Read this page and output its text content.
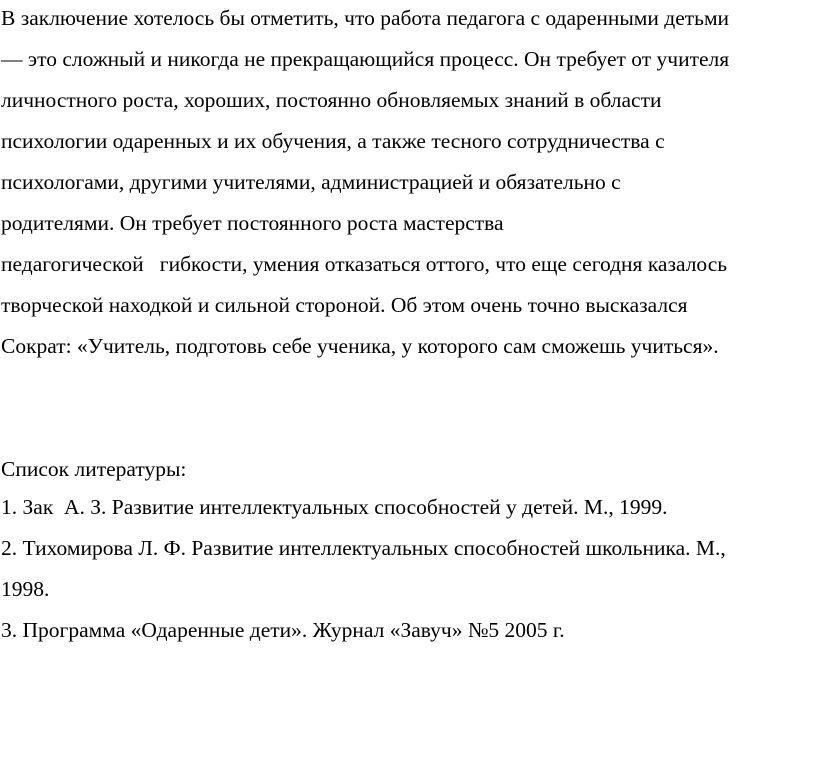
В заключение хотелось бы отметить, что работа педагога с одаренными детьми
— это сложный и никогда не прекращающийся процесс. Он требует от учителя
личностного роста, хороших, постоянно обновляемых знаний в области
психологии одаренных и их обучения, а также тесного сотрудничества с
психологами, другими учителями, администрацией и обязательно с
родителями. Он требует постоянного роста мастерства
педагогической   гибкости, умения отказаться оттого, что еще сегодня казалось
творческой находкой и сильной стороной. Об этом очень точно высказался
Сократ: «Учитель, подготовь себе ученика, у которого сам сможешь учиться».
Список литературы:
1. Зак  А. З. Развитие интеллектуальных способностей у детей. М., 1999.
2. Тихомирова Л. Ф. Развитие интеллектуальных способностей школьника. М.,
1998.
3. Программа «Одаренные дети». Журнал «Завуч» №5 2005 г.
